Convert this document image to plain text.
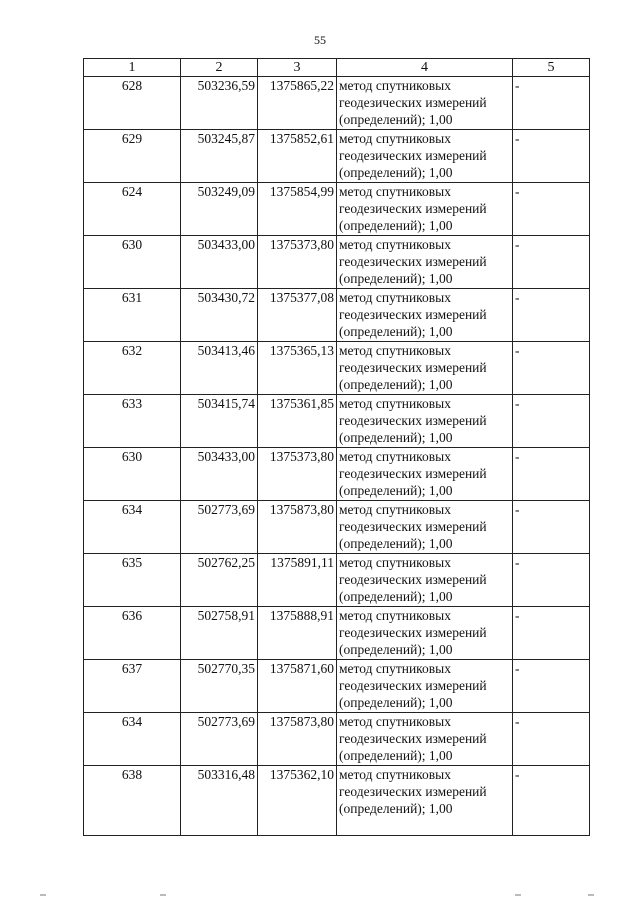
55
1	2	3	4	5
628	503236,59	1375865,22	метод спутниковых геодезических измерений (определений); 1,00	-
629	503245,87	1375852,61	метод спутниковых геодезических измерений (определений); 1,00	-
624	503249,09	1375854,99	метод спутниковых геодезических измерений (определений); 1,00	-
630	503433,00	1375373,80	метод спутниковых геодезических измерений (определений); 1,00	-
631	503430,72	1375377,08	метод спутниковых геодезических измерений (определений); 1,00	-
632	503413,46	1375365,13	метод спутниковых геодезических измерений (определений); 1,00	-
633	503415,74	1375361,85	метод спутниковых геодезических измерений (определений); 1,00	-
630	503433,00	1375373,80	метод спутниковых геодезических измерений (определений); 1,00	-
634	502773,69	1375873,80	метод спутниковых геодезических измерений (определений); 1,00	-
635	502762,25	1375891,11	метод спутниковых геодезических измерений (определений); 1,00	-
636	502758,91	1375888,91	метод спутниковых геодезических измерений (определений); 1,00	-
637	502770,35	1375871,60	метод спутниковых геодезических измерений (определений); 1,00	-
634	502773,69	1375873,80	метод спутниковых геодезических измерений (определений); 1,00	-
638	503316,48	1375362,10	метод спутниковых геодезических измерений (определений); 1,00	-
